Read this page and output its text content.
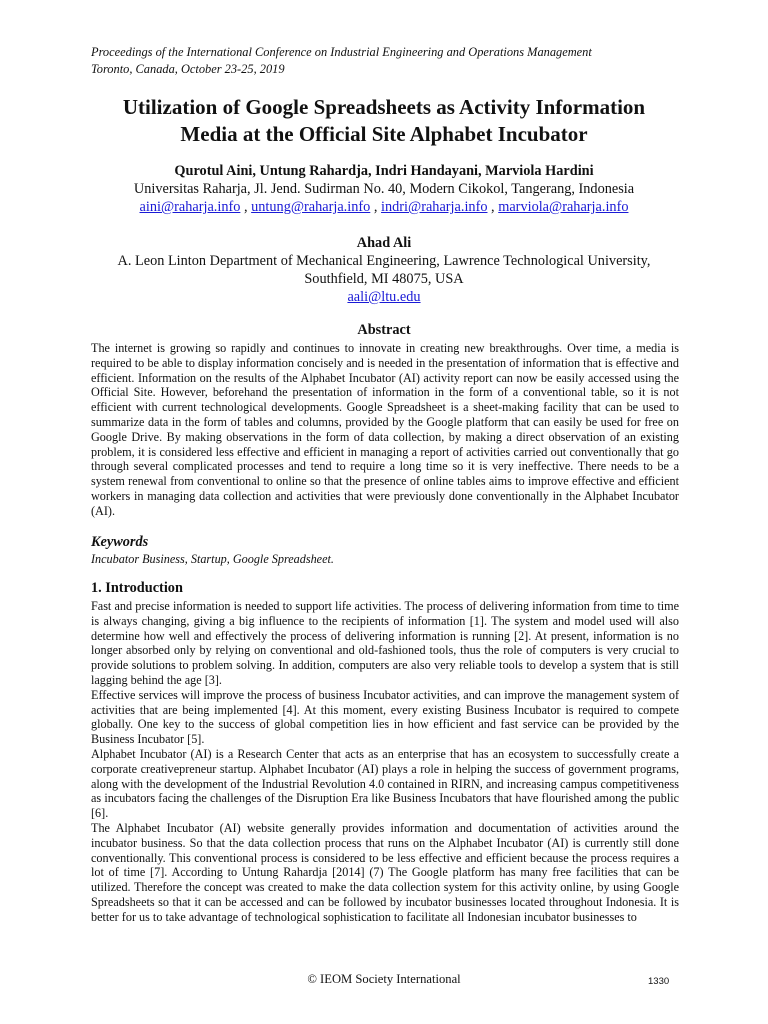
Proceedings of the International Conference on Industrial Engineering and Operations Management
Toronto, Canada, October 23-25, 2019
Utilization of Google Spreadsheets as Activity Information
Media at the Official Site Alphabet Incubator
Qurotul Aini, Untung Rahardja, Indri Handayani, Marviola Hardini
Universitas Raharja, Jl. Jend. Sudirman No. 40, Modern Cikokol, Tangerang, Indonesia
aini@raharja.info , untung@raharja.info , indri@raharja.info , marviola@raharja.info
Ahad Ali
A. Leon Linton Department of Mechanical Engineering, Lawrence Technological University,
Southfield, MI 48075, USA
aali@ltu.edu
Abstract

The internet is growing so rapidly and continues to innovate in creating new breakthroughs. Over time, a media is required to be able to display information concisely and is needed in the presentation of information that is effective and efficient. Information on the results of the Alphabet Incubator (AI) activity report can now be easily accessed using the Official Site. However, beforehand the presentation of information in the form of a conventional table, so it is not efficient with current technological developments. Google Spreadsheet is a sheet-making facility that can be used to summarize data in the form of tables and columns, provided by the Google platform that can easily be used for free on Google Drive. By making observations in the form of data collection, by making a direct observation of an existing problem, it is considered less effective and efficient in managing a report of activities carried out conventionally that go through several complicated processes and tend to require a long time so it is very ineffective. There needs to be a system renewal from conventional to online so that the presence of online tables aims to improve effective and efficient workers in managing data collection and activities that were previously done conventionally in the Alphabet Incubator (AI).

Keywords
Incubator Business, Startup, Google Spreadsheet.
1. Introduction

Fast and precise information is needed to support life activities. The process of delivering information from time to time is always changing, giving a big influence to the recipients of information [1]. The system and model used will also determine how well and effectively the process of delivering information is running [2]. At present, information is no longer absorbed only by relying on conventional and old-fashioned tools, thus the role of computers is very crucial to provide solutions to problem solving. In addition, computers are also very reliable tools to develop a system that is still lagging behind the age [3].

Effective services will improve the process of business Incubator activities, and can improve the management system of activities that are being implemented [4]. At this moment, every existing Business Incubator is required to compete globally. One key to the success of global competition lies in how efficient and fast service can be provided by the Business Incubator [5].

Alphabet Incubator (AI) is a Research Center that acts as an enterprise that has an ecosystem to successfully create a corporate creativepreneur startup. Alphabet Incubator (AI) plays a role in helping the success of government programs, along with the development of the Industrial Revolution 4.0 contained in RIRN, and increasing campus competitiveness as incubators facing the challenges of the Disruption Era like Business Incubators that have flourished among the public [6].

The Alphabet Incubator (AI) website generally provides information and documentation of activities around the incubator business. So that the data collection process that runs on the Alphabet Incubator (AI) is currently still done conventionally. This conventional process is considered to be less effective and efficient because the process requires a lot of time [7]. According to Untung Rahardja [2014] (7) The Google platform has many free facilities that can be utilized. Therefore the concept was created to make the data collection system for this activity online, by using Google Spreadsheets so that it can be accessed and can be followed by incubator businesses located throughout Indonesia. It is better for us to take advantage of technological sophistication to facilitate all Indonesian incubator businesses to

© IEOM Society International	1330
